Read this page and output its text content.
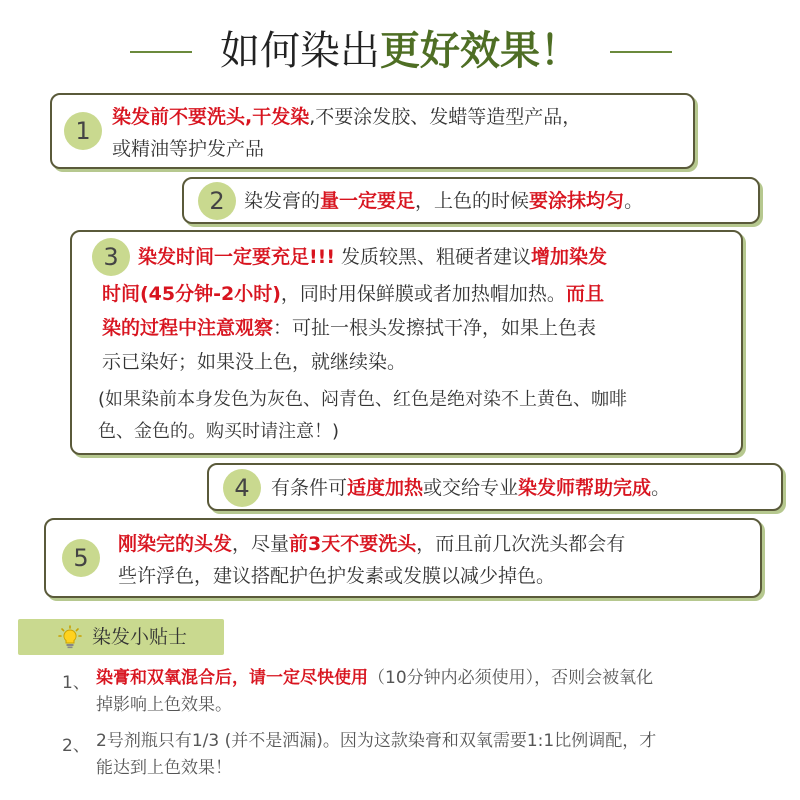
如何染出更好效果！
1	染发前不要洗头,干发染,不要涂发胶、发蜡等造型产品，
或精油等护发产品
2	染发膏的量一定要足，上色的时候要涂抹均匀。
3	染发时间一定要充足!!! 发质较黑、粗硬者建议增加染发
时间(45分钟-2小时)，同时用保鲜膜或者加热帽加热。而且
染的过程中注意观察：可扯一根头发擦拭干净，如果上色表
示已染好；如果没上色，就继续染。
(如果染前本身发色为灰色、闷青色、红色是绝对染不上黄色、咖啡
色、金色的。购买时请注意！)
4	有条件可适度加热或交给专业染发师帮助完成。
5	刚染完的头发，尽量前3天不要洗头，而且前几次洗头都会有
些许浮色，建议搭配护色护发素或发膜以减少掉色。
染发小贴士
1、 染膏和双氧混合后，请一定尽快使用（10分钟内必须使用），否则会被氧化
掉影响上色效果。
2、 2号剂瓶只有1/3 (并不是洒漏)。因为这款染膏和双氧需要1:1比例调配，才
能达到上色效果！
